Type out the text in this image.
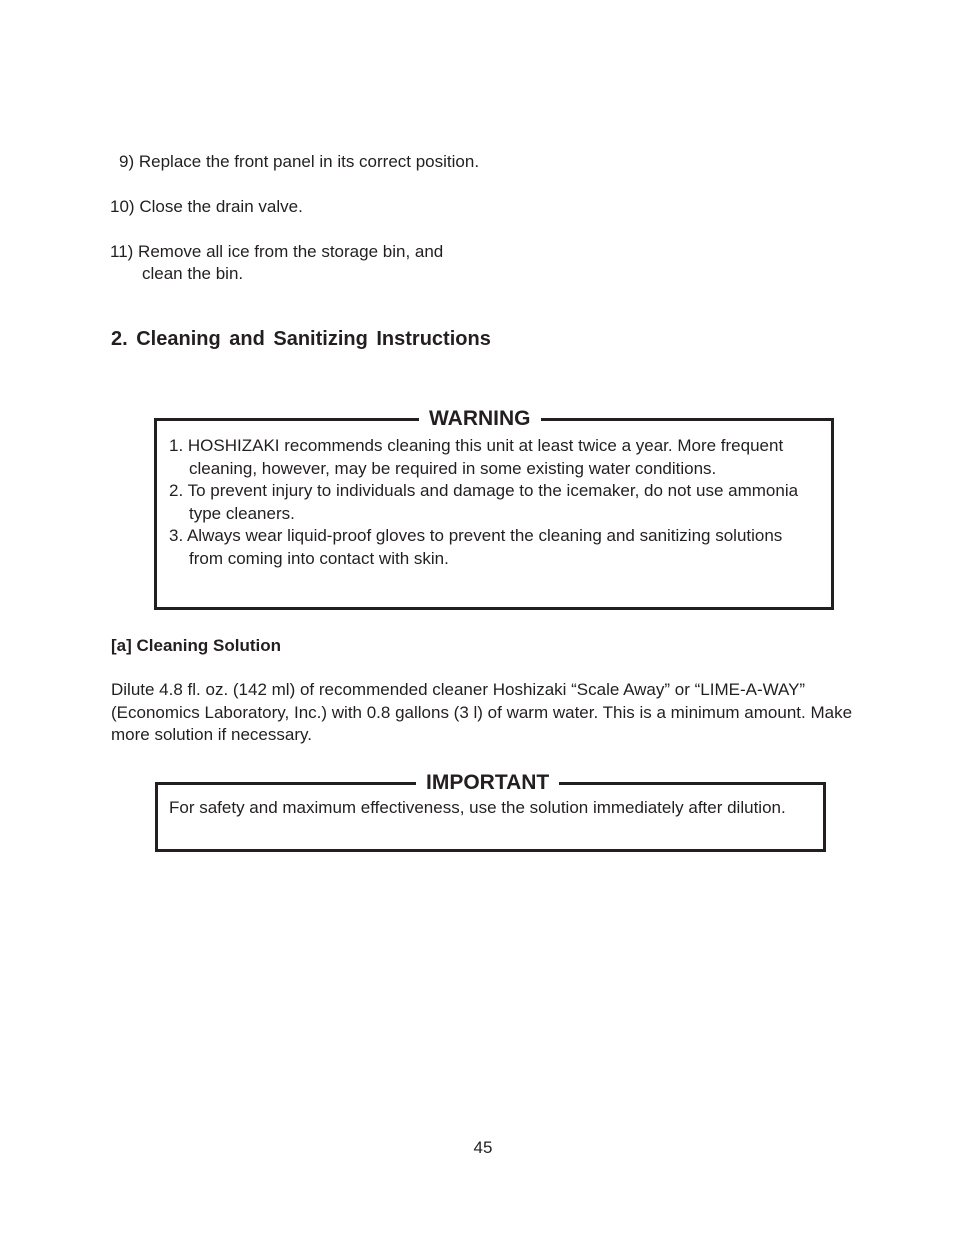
9) Replace the front panel in its correct position.

10) Close the drain valve.

11) Remove all ice from the storage bin, and
clean the bin.

2. Cleaning and Sanitizing Instructions
WARNING
1. HOSHIZAKI recommends cleaning this unit at least twice a year. More frequent cleaning, however, may be required in some existing water conditions.
2. To prevent injury to individuals and damage to the icemaker, do not use ammonia type cleaners.
3. Always wear liquid-proof gloves to prevent the cleaning and sanitizing solutions from coming into contact with skin.
[a] Cleaning Solution

Dilute 4.8 fl. oz. (142 ml) of recommended cleaner Hoshizaki “Scale Away” or “LIME-A-WAY” (Economics Laboratory, Inc.) with 0.8 gallons (3 l) of warm water. This is a minimum amount. Make more solution if necessary.

IMPORTANT

For safety and maximum effectiveness, use the solution immediately after dilution.

45
